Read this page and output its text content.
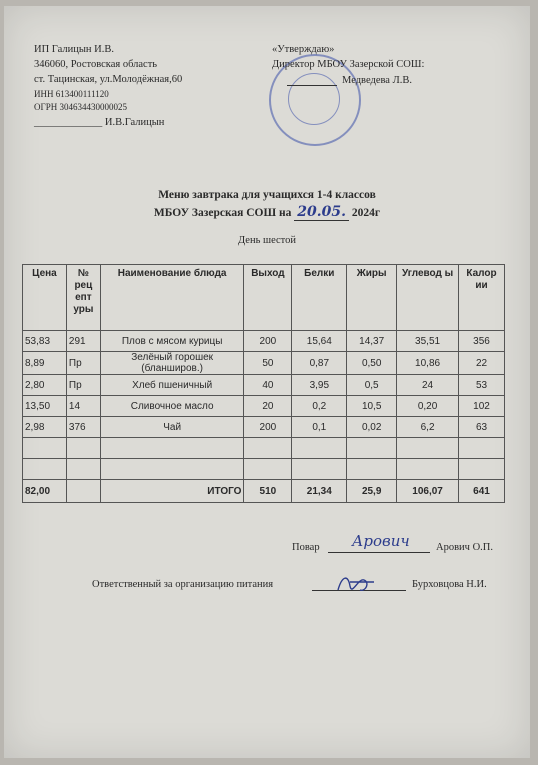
ИП Галицын И.В.
346060, Ростовская область
ст. Тацинская, ул.Молодёжная,60
ИНН 613400111120
ОГРН 304634430000025
_____________ И.В.Галицын
«Утверждаю»
Директор МБОУ Зазерской СОШ:
Медведева Л.В.
Меню завтрака для учащихся 1-4 классов
МБОУ Зазерская СОШ на 20.05. 2024г
День шестой
Цена	№ рец епт уры	Наименование блюда	Выход	Белки	Жиры	Углевод ы	Калор ии
53,83	291	Плов с мясом курицы	200	15,64	14,37	35,51	356
8,89	Пр	Зелёный горошек (бланширов.)	50	0,87	0,50	10,86	22
2,80	Пр	Хлеб пшеничный	40	3,95	0,5	24	53
13,50	14	Сливочное масло	20	0,2	10,5	0,20	102
2,98	376	Чай	200	0,1	0,02	6,2	63

82,00		ИТОГО	510	21,34	25,9	106,07	641
Повар Арович	Арович О.П.
Ответственный за организацию питания	Бурховцова Н.И.
